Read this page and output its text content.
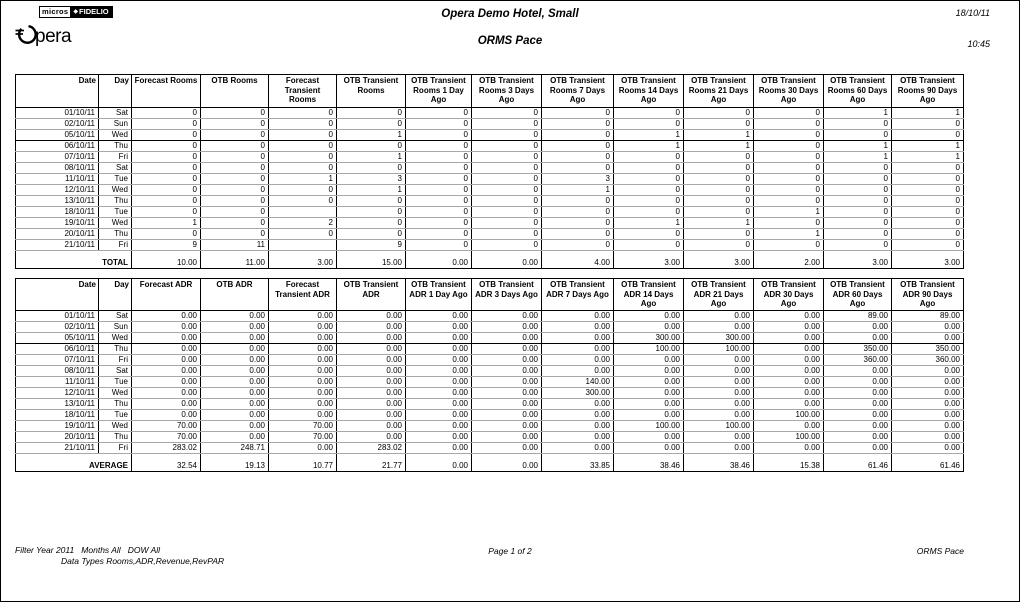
micros ◆ FIDELIO
pera
Opera Demo Hotel, Small
ORMS Pace
18/10/11
10:45
Date	Day	Forecast Rooms	OTB Rooms	Forecast Transient Rooms	OTB Transient Rooms	OTB Transient Rooms 1 Day Ago	OTB Transient Rooms 3 Days Ago	OTB Transient Rooms 7 Days Ago	OTB Transient Rooms 14 Days Ago	OTB Transient Rooms 21 Days Ago	OTB Transient Rooms 30 Days Ago	OTB Transient Rooms 60 Days Ago	OTB Transient Rooms 90 Days Ago
01/10/11	Sat	0	0	0	0	0	0	0	0	0	0	1	1
02/10/11	Sun	0	0	0	0	0	0	0	0	0	0	0	0
05/10/11	Wed	0	0	0	1	0	0	0	1	1	0	0	0
06/10/11	Thu	0	0	0	0	0	0	0	1	1	0	1	1
07/10/11	Fri	0	0	0	1	0	0	0	0	0	0	1	1
08/10/11	Sat	0	0	0	0	0	0	0	0	0	0	0	0
11/10/11	Tue	0	0	1	3	0	0	3	0	0	0	0	0
12/10/11	Wed	0	0	0	1	0	0	1	0	0	0	0	0
13/10/11	Thu	0	0	0	0	0	0	0	0	0	0	0	0
18/10/11	Tue	0	0		0	0	0	0	0	0	1	0	0
19/10/11	Wed	1	0	2	0	0	0	0	1	1	0	0	0
20/10/11	Thu	0	0	0	0	0	0	0	0	0	1	0	0
21/10/11	Fri	9	11		9	0	0	0	0	0	0	0	0

TOTAL		10.00	11.00	3.00	15.00	0.00	0.00	4.00	3.00	3.00	2.00	3.00	3.00
Date	Day	Forecast ADR	OTB ADR	Forecast Transient ADR	OTB Transient ADR	OTB Transient ADR 1 Day Ago	OTB Transient ADR 3 Days Ago	OTB Transient ADR 7 Days Ago	OTB Transient ADR 14 Days Ago	OTB Transient ADR 21 Days Ago	OTB Transient ADR 30 Days Ago	OTB Transient ADR 60 Days Ago	OTB Transient ADR 90 Days Ago
01/10/11	Sat	0.00	0.00	0.00	0.00	0.00	0.00	0.00	0.00	0.00	0.00	89.00	89.00
02/10/11	Sun	0.00	0.00	0.00	0.00	0.00	0.00	0.00	0.00	0.00	0.00	0.00	0.00
05/10/11	Wed	0.00	0.00	0.00	0.00	0.00	0.00	0.00	300.00	300.00	0.00	0.00	0.00
06/10/11	Thu	0.00	0.00	0.00	0.00	0.00	0.00	0.00	100.00	100.00	0.00	350.00	350.00
07/10/11	Fri	0.00	0.00	0.00	0.00	0.00	0.00	0.00	0.00	0.00	0.00	360.00	360.00
08/10/11	Sat	0.00	0.00	0.00	0.00	0.00	0.00	0.00	0.00	0.00	0.00	0.00	0.00
11/10/11	Tue	0.00	0.00	0.00	0.00	0.00	0.00	140.00	0.00	0.00	0.00	0.00	0.00
12/10/11	Wed	0.00	0.00	0.00	0.00	0.00	0.00	300.00	0.00	0.00	0.00	0.00	0.00
13/10/11	Thu	0.00	0.00	0.00	0.00	0.00	0.00	0.00	0.00	0.00	0.00	0.00	0.00
18/10/11	Tue	0.00	0.00	0.00	0.00	0.00	0.00	0.00	0.00	0.00	100.00	0.00	0.00
19/10/11	Wed	70.00	0.00	70.00	0.00	0.00	0.00	0.00	100.00	100.00	0.00	0.00	0.00
20/10/11	Thu	70.00	0.00	70.00	0.00	0.00	0.00	0.00	0.00	0.00	100.00	0.00	0.00
21/10/11	Fri	283.02	248.71	0.00	283.02	0.00	0.00	0.00	0.00	0.00	0.00	0.00	0.00

AVERAGE		32.54	19.13	10.77	21.77	0.00	0.00	33.85	38.46	38.46	15.38	61.46	61.46
Filter Year 2011   Months All   DOW All
Data Types Rooms,ADR,Revenue,RevPAR
Page 1 of 2	ORMS Pace
